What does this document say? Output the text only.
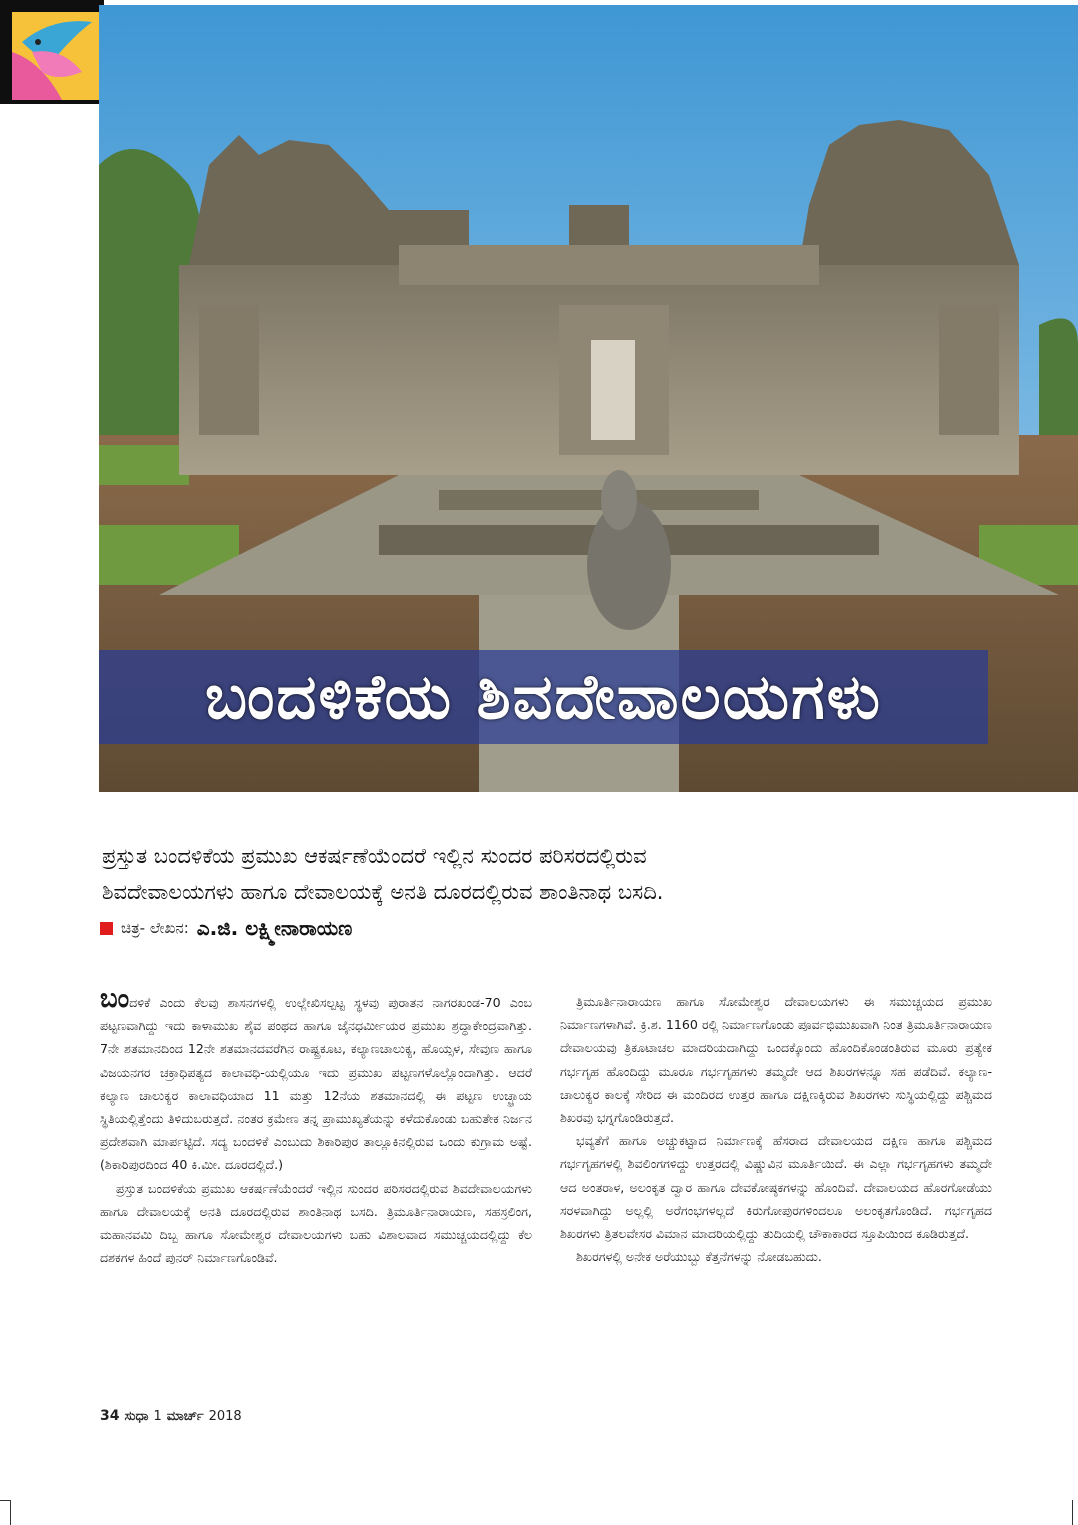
ಬಂದಳಿಕೆಯ ಶಿವದೇವಾಲಯಗಳು

ಪ್ರಸ್ತುತ ಬಂದಳಿಕೆಯ ಪ್ರಮುಖ ಆಕರ್ಷಣೆಯೆಂದರೆ ಇಲ್ಲಿನ ಸುಂದರ ಪರಿಸರದಲ್ಲಿರುವ

ಶಿವದೇವಾಲಯಗಳು ಹಾಗೂ ದೇವಾಲಯಕ್ಕೆ ಅನತಿ ದೂರದಲ್ಲಿರುವ ಶಾಂತಿನಾಥ ಬಸದಿ.

ಚಿತ್ರ- ಲೇಖನ: ಎ.ಜಿ. ಲಕ್ಷ್ಮೀನಾರಾಯಣ

ಬಂದಳಿಕೆ ಎಂದು ಕೆಲವು ಶಾಸನಗಳಲ್ಲಿ ಉಲ್ಲೇಖಿಸಲ್ಪಟ್ಟ ಸ್ಥಳವು ಪುರಾತನ ನಾಗರಖಂಡ-70 ಎಂಬ ಪಟ್ಟಣವಾಗಿದ್ದು ಇದು ಕಾಳಾಮುಖ ಶೈವ ಪಂಥದ ಹಾಗೂ ಜೈನಧರ್ಮೀಯರ ಪ್ರಮುಖ ಶ್ರದ್ಧಾಕೇಂದ್ರವಾಗಿತ್ತು. 7ನೇ ಶತಮಾನದಿಂದ 12ನೇ ಶತಮಾನದವರೆಗಿನ ರಾಷ್ಟ್ರಕೂಟ, ಕಲ್ಯಾಣಚಾಲುಕ್ಯ, ಹೊಯ್ಸಳ, ಸೇವುಣ ಹಾಗೂ ವಿಜಯನಗರ ಚಕ್ರಾಧಿಪತ್ಯದ ಕಾಲಾವಧಿ-ಯಲ್ಲಿಯೂ ಇದು ಪ್ರಮುಖ ಪಟ್ಟಣಗಳೊಲ್ಲೊಂದಾಗಿತ್ತು. ಆದರೆ ಕಲ್ಯಾಣ ಚಾಲುಕ್ಯರ ಕಾಲಾವಧಿಯಾದ 11 ಮತ್ತು 12ನೆಯ ಶತಮಾನದಲ್ಲಿ ಈ ಪಟ್ಟಣ ಉಚ್ಛ್ರಾಯ ಸ್ಥಿತಿಯಲ್ಲಿತ್ತೆಂದು ತಿಳಿದುಬರುತ್ತದೆ. ನಂತರ ಕ್ರಮೇಣ ತನ್ನ ಪ್ರಾಮುಖ್ಯತೆಯನ್ನು ಕಳೆದುಕೊಂಡು ಬಹುತೇಕ ನಿರ್ಜನ ಪ್ರದೇಶವಾಗಿ ಮಾರ್ಪಟ್ಟಿದೆ. ಸದ್ಯ ಬಂದಳಿಕೆ ಎಂಬುದು ಶಿಕಾರಿಪುರ ತಾಲ್ಲೂಕಿನಲ್ಲಿರುವ ಒಂದು ಕುಗ್ರಾಮ ಅಷ್ಟೆ. (ಶಿಕಾರಿಪುರದಿಂದ 40 ಕಿ.ಮೀ. ದೂರದಲ್ಲಿದೆ.)

ಪ್ರಸ್ತುತ ಬಂದಳಿಕೆಯ ಪ್ರಮುಖ ಆಕರ್ಷಣೆಯೆಂದರೆ ಇಲ್ಲಿನ ಸುಂದರ ಪರಿಸರದಲ್ಲಿರುವ ಶಿವದೇವಾಲಯಗಳು ಹಾಗೂ ದೇವಾಲಯಕ್ಕೆ ಅನತಿ ದೂರದಲ್ಲಿರುವ ಶಾಂತಿನಾಥ ಬಸದಿ. ತ್ರಿಮೂರ್ತಿನಾರಾಯಣ, ಸಹಸ್ರಲಿಂಗ, ಮಹಾನವಮಿ ದಿಬ್ಬ ಹಾಗೂ ಸೋಮೇಶ್ವರ ದೇವಾಲಯಗಳು ಬಹು ವಿಶಾಲವಾದ ಸಮುಚ್ಚಯದಲ್ಲಿದ್ದು ಕೆಲ ದಶಕಗಳ ಹಿಂದೆ ಪುನರ್ ನಿರ್ಮಾಣಗೊಂಡಿವೆ.

ತ್ರಿಮೂರ್ತಿನಾರಾಯಣ ಹಾಗೂ ಸೋಮೇಶ್ವರ ದೇವಾಲಯಗಳು ಈ ಸಮುಚ್ಚಯದ ಪ್ರಮುಖ ನಿರ್ಮಾಣಗಳಾಗಿವೆ. ಕ್ರಿ.ಶ. 1160 ರಲ್ಲಿ ನಿರ್ಮಾಣಗೊಂಡು ಪೂರ್ವಭಿಮುಖವಾಗಿ ನಿಂತ ತ್ರಿಮೂರ್ತಿನಾರಾಯಣ ದೇವಾಲಯವು ತ್ರಿಕೂಟಾಚಲ ಮಾದರಿಯದಾಗಿದ್ದು ಒಂದಕ್ಕೊಂದು ಹೊಂದಿಕೊಂಡಂತಿರುವ ಮೂರು ಪ್ರತ್ಯೇಕ ಗರ್ಭಗೃಹ ಹೊಂದಿದ್ದು ಮೂರೂ ಗರ್ಭಗೃಹಗಳು ತಮ್ಮದೇ ಆದ ಶಿಖರಗಳನ್ನೂ ಸಹ ಪಡೆದಿವೆ. ಕಲ್ಯಾಣ-ಚಾಲುಕ್ಯರ ಕಾಲಕ್ಕೆ ಸೇರಿದ ಈ ಮಂದಿರದ ಉತ್ತರ ಹಾಗೂ ದಕ್ಷಿಣಕ್ಕಿರುವ ಶಿಖರಗಳು ಸುಸ್ಥಿಯಲ್ಲಿದ್ದು ಪಶ್ಚಿಮದ ಶಿಖರವು ಭಗ್ನಗೊಂಡಿರುತ್ತದೆ.

ಭವ್ಯತೆಗೆ ಹಾಗೂ ಅಚ್ಚುಕಟ್ಟಾದ ನಿರ್ಮಾಣಕ್ಕೆ ಹೆಸರಾದ ದೇವಾಲಯದ ದಕ್ಷಿಣ ಹಾಗೂ ಪಶ್ಚಿಮದ ಗರ್ಭಗೃಹಗಳಲ್ಲಿ ಶಿವಲಿಂಗಗಳಿದ್ದು ಉತ್ತರದಲ್ಲಿ ವಿಷ್ಣುವಿನ ಮೂರ್ತಿಯಿದೆ. ಈ ಎಲ್ಲಾ ಗರ್ಭಗೃಹಗಳು ತಮ್ಮದೇ ಆದ ಅಂತರಾಳ, ಅಲಂಕೃತ ದ್ವಾರ ಹಾಗೂ ದೇವಕೋಷ್ಠಕಗಳನ್ನು ಹೊಂದಿವೆ. ದೇವಾಲಯದ ಹೊರಗೋಡೆಯು ಸರಳವಾಗಿದ್ದು ಅಲ್ಲಲ್ಲಿ ಅರೆಗಂಭಗಳಲ್ಲದೆ ಕಿರುಗೋಪುರಗಳಿಂದಲೂ ಅಲಂಕೃತಗೊಂಡಿದೆ. ಗರ್ಭಗೃಹದ ಶಿಖರಗಳು ತ್ರಿತಲವೇಸರ ವಿಮಾನ ಮಾದರಿಯಲ್ಲಿದ್ದು ತುದಿಯಲ್ಲಿ ಚೌಕಾಕಾರದ ಸ್ತೂಪಿಯಿಂದ ಕೂಡಿರುತ್ತದೆ.

ಶಿಖರಗಳಲ್ಲಿ ಅನೇಕ ಅರೆಯುಬ್ಬು ಕೆತ್ತನೆಗಳನ್ನು ನೋಡಬಹುದು.

34 ಸುಧಾ 1 ಮಾರ್ಚ್ 2018
